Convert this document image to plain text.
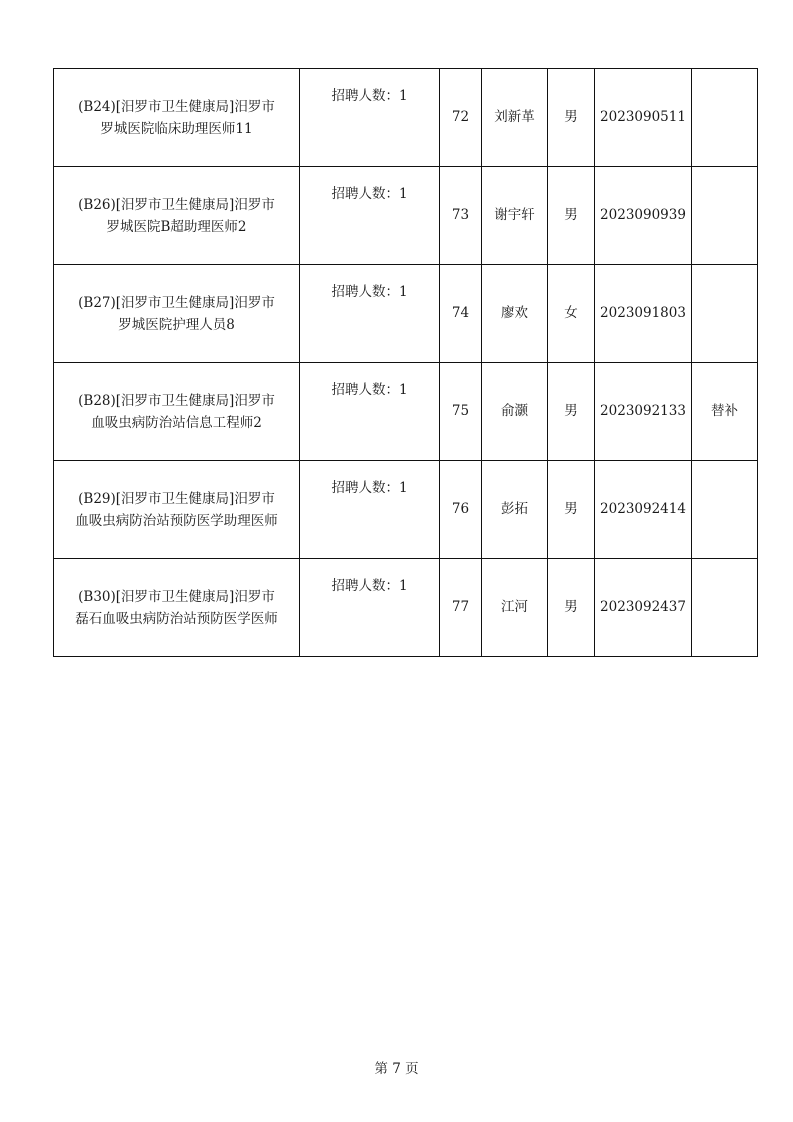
(B24)[汨罗市卫生健康局]汨罗市
罗城医院临床助理医师11	招聘人数：1	72	刘新革	男	2023090511	

(B26)[汨罗市卫生健康局]汨罗市
罗城医院B超助理医师2	招聘人数：1	73	谢宇轩	男	2023090939	

(B27)[汨罗市卫生健康局]汨罗市
罗城医院护理人员8	招聘人数：1	74	廖欢	女	2023091803	

(B28)[汨罗市卫生健康局]汨罗市
血吸虫病防治站信息工程师2	招聘人数：1	75	俞灏	男	2023092133	替补

(B29)[汨罗市卫生健康局]汨罗市
血吸虫病防治站预防医学助理医师	招聘人数：1	76	彭拓	男	2023092414	

(B30)[汨罗市卫生健康局]汨罗市
磊石血吸虫病防治站预防医学医师	招聘人数：1	77	江河	男	2023092437	
第 7 页
